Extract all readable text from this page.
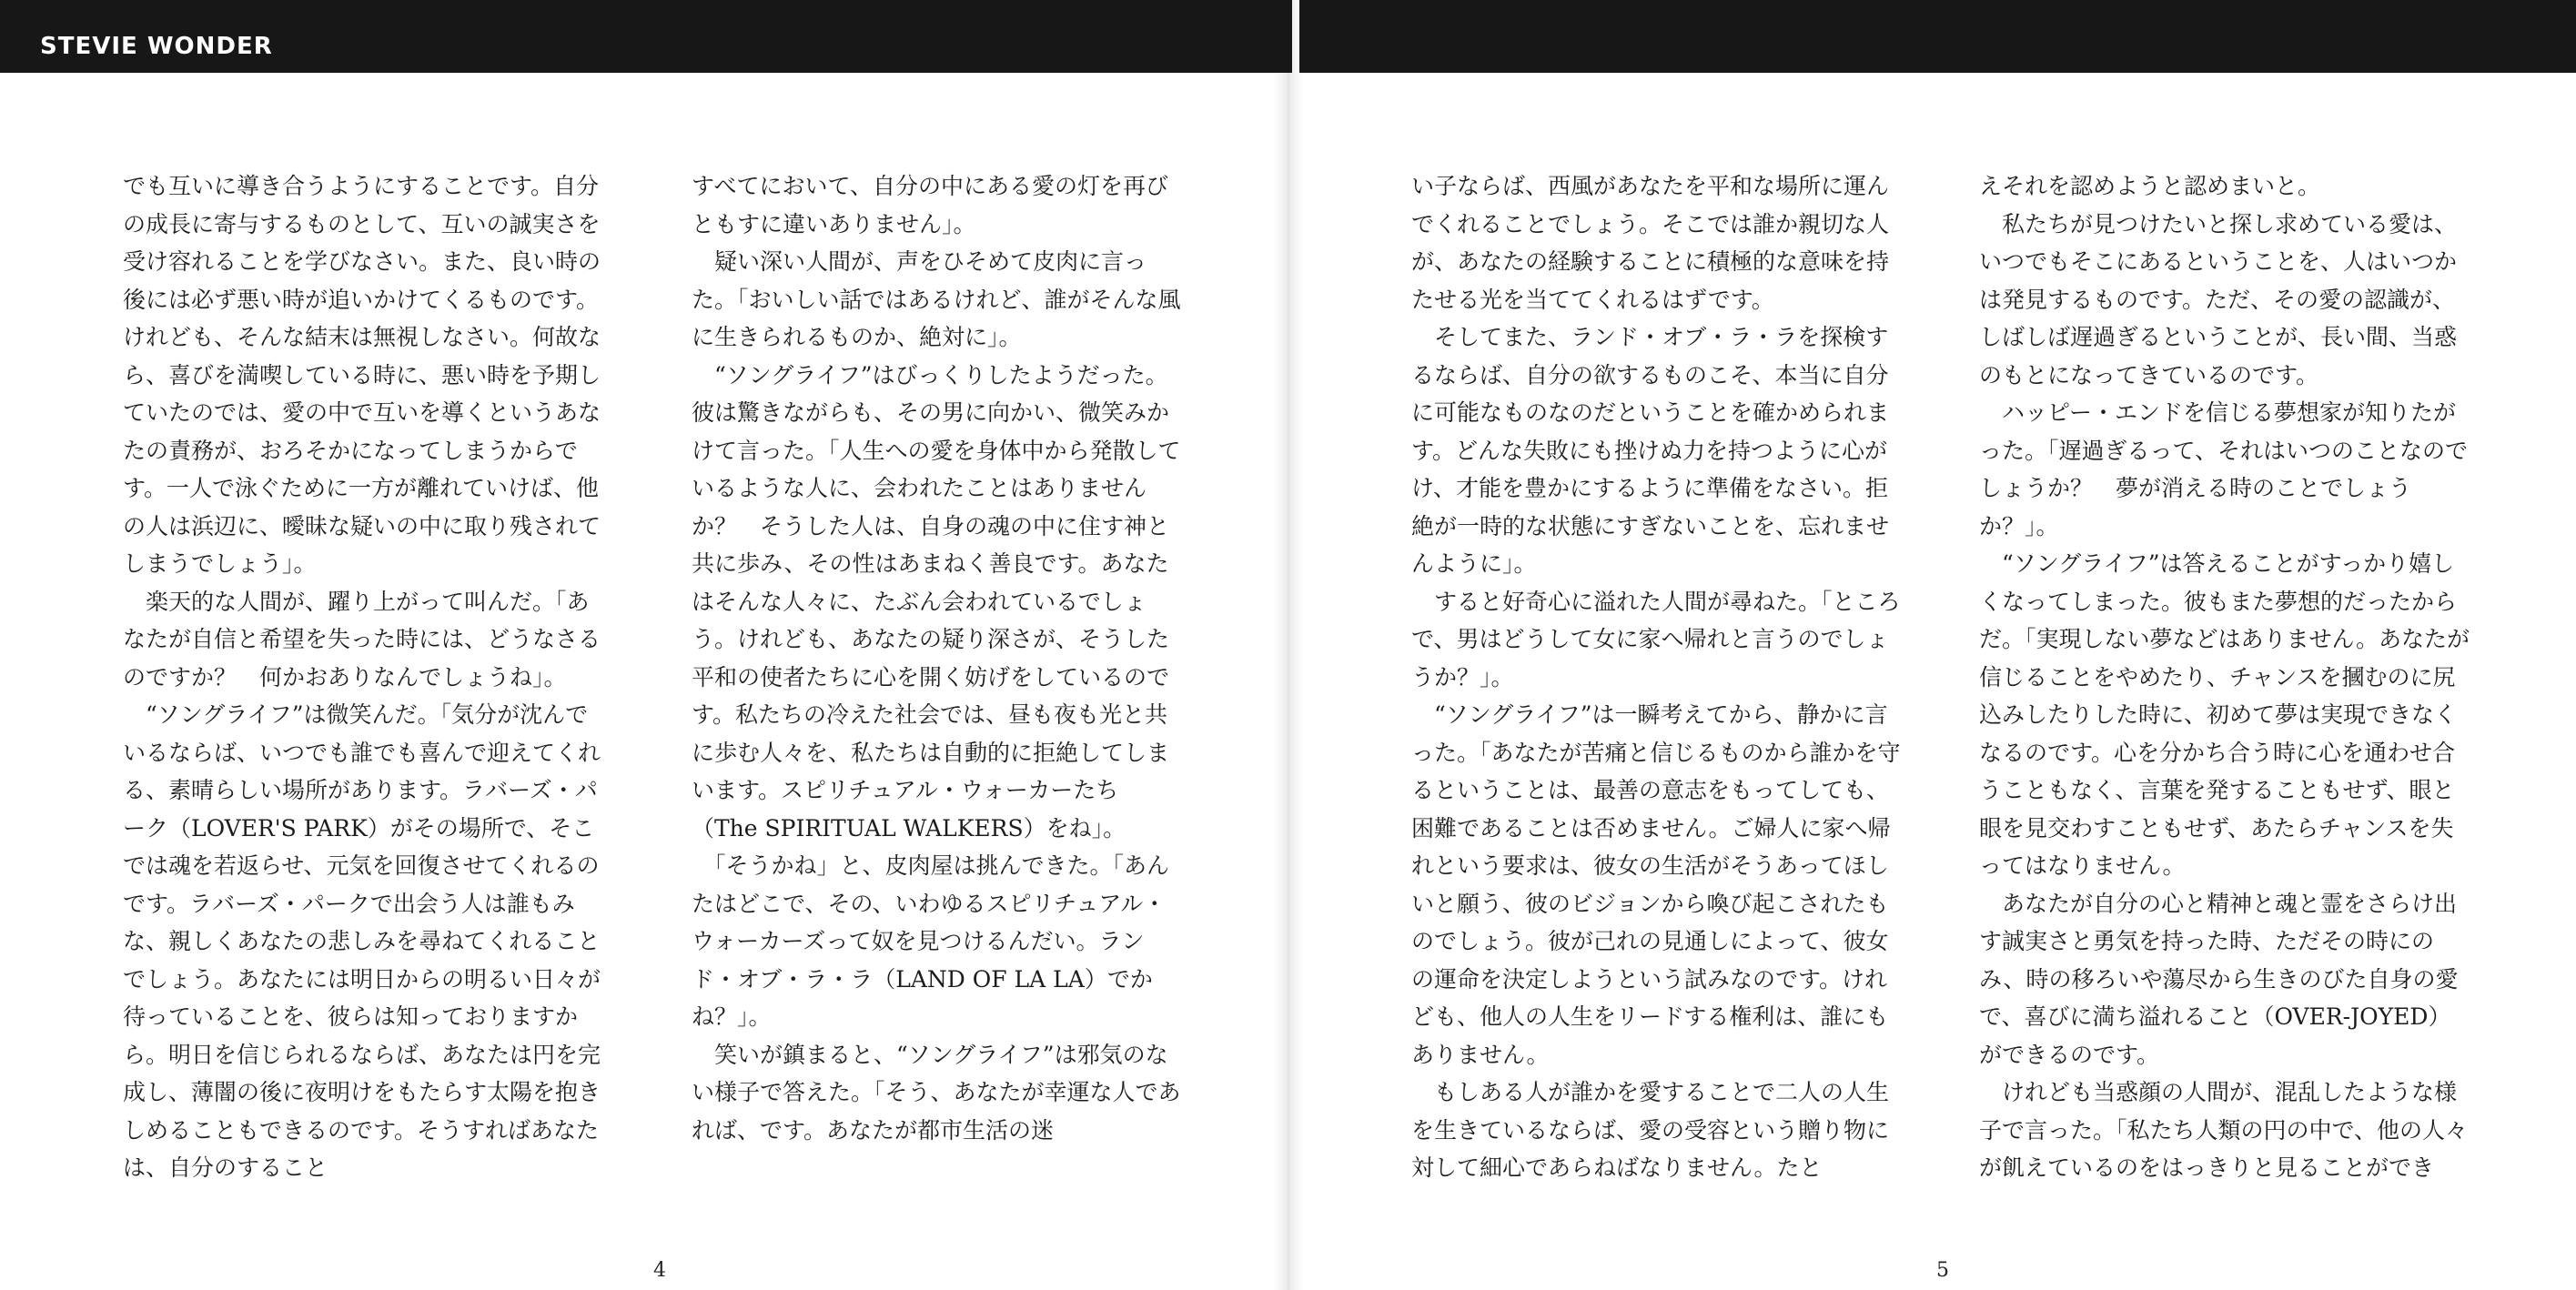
STEVIE WONDER

でも互いに導き合うようにすることです。自分の成長に寄与するものとして、互いの誠実さを受け容れることを学びなさい。また、良い時の後には必ず悪い時が追いかけてくるものです。けれども、そんな結末は無視しなさい。何故なら、喜びを満喫している時に、悪い時を予期していたのでは、愛の中で互いを導くというあなたの責務が、おろそかになってしまうからです。一人で泳ぐために一方が離れていけば、他の人は浜辺に、曖昧な疑いの中に取り残されてしまうでしょう」。

　楽天的な人間が、躍り上がって叫んだ。「あなたが自信と希望を失った時には、どうなさるのですか？　何かおありなんでしょうね」。

　“ソングライフ”は微笑んだ。「気分が沈んでいるならば、いつでも誰でも喜んで迎えてくれる、素晴らしい場所があります。ラバーズ・パーク（LOVER'S PARK）がその場所で、そこでは魂を若返らせ、元気を回復させてくれるのです。ラバーズ・パークで出会う人は誰もみな、親しくあなたの悲しみを尋ねてくれることでしょう。あなたには明日からの明るい日々が待っていることを、彼らは知っておりますから。明日を信じられるならば、あなたは円を完成し、薄闇の後に夜明けをもたらす太陽を抱きしめることもできるのです。そうすればあなたは、自分のすること

すべてにおいて、自分の中にある愛の灯を再びともすに違いありません」。

　疑い深い人間が、声をひそめて皮肉に言った。「おいしい話ではあるけれど、誰がそんな風に生きられるものか、絶対に」。

　“ソングライフ”はびっくりしたようだった。彼は驚きながらも、その男に向かい、微笑みかけて言った。「人生への愛を身体中から発散しているような人に、会われたことはありませんか？　そうした人は、自身の魂の中に住す神と共に歩み、その性はあまねく善良です。あなたはそんな人々に、たぶん会われているでしょう。けれども、あなたの疑り深さが、そうした平和の使者たちに心を開く妨げをしているのです。私たちの冷えた社会では、昼も夜も光と共に歩む人々を、私たちは自動的に拒絶してしまいます。スピリチュアル・ウォーカーたち（The SPIRITUAL WALKERS）をね」。

　「そうかね」と、皮肉屋は挑んできた。「あんたはどこで、その、いわゆるスピリチュアル・ウォーカーズって奴を見つけるんだい。ランド・オブ・ラ・ラ（LAND OF LA LA）でかね？」。

　笑いが鎮まると、“ソングライフ”は邪気のない様子で答えた。「そう、あなたが幸運な人であれば、です。あなたが都市生活の迷

い子ならば、西風があなたを平和な場所に運んでくれることでしょう。そこでは誰か親切な人が、あなたの経験することに積極的な意味を持たせる光を当ててくれるはずです。

　そしてまた、ランド・オブ・ラ・ラを探検するならば、自分の欲するものこそ、本当に自分に可能なものなのだということを確かめられます。どんな失敗にも挫けぬ力を持つように心がけ、才能を豊かにするように準備をなさい。拒絶が一時的な状態にすぎないことを、忘れませんように」。

　すると好奇心に溢れた人間が尋ねた。「ところで、男はどうして女に家へ帰れと言うのでしょうか？」。

　“ソングライフ”は一瞬考えてから、静かに言った。「あなたが苦痛と信じるものから誰かを守るということは、最善の意志をもってしても、困難であることは否めません。ご婦人に家へ帰れという要求は、彼女の生活がそうあってほしいと願う、彼のビジョンから喚び起こされたものでしょう。彼が己れの見通しによって、彼女の運命を決定しようという試みなのです。けれども、他人の人生をリードする権利は、誰にもありません。

　もしある人が誰かを愛することで二人の人生を生きているならば、愛の受容という贈り物に対して細心であらねばなりません。たと

えそれを認めようと認めまいと。

　私たちが見つけたいと探し求めている愛は、いつでもそこにあるということを、人はいつかは発見するものです。ただ、その愛の認識が、しばしば遅過ぎるということが、長い間、当惑のもとになってきているのです。

　ハッピー・エンドを信じる夢想家が知りたがった。「遅過ぎるって、それはいつのことなのでしょうか？　夢が消える時のことでしょうか？」。

　“ソングライフ”は答えることがすっかり嬉しくなってしまった。彼もまた夢想的だったからだ。「実現しない夢などはありません。あなたが信じることをやめたり、チャンスを摑むのに尻込みしたりした時に、初めて夢は実現できなくなるのです。心を分かち合う時に心を通わせ合うこともなく、言葉を発することもせず、眼と眼を見交わすこともせず、あたらチャンスを失ってはなりません。

　あなたが自分の心と精神と魂と霊をさらけ出す誠実さと勇気を持った時、ただその時にのみ、時の移ろいや蕩尽から生きのびた自身の愛で、喜びに満ち溢れること（OVER-JOYED）ができるのです。

　けれども当惑顔の人間が、混乱したような様子で言った。「私たち人類の円の中で、他の人々が飢えているのをはっきりと見ることができ

4	5
